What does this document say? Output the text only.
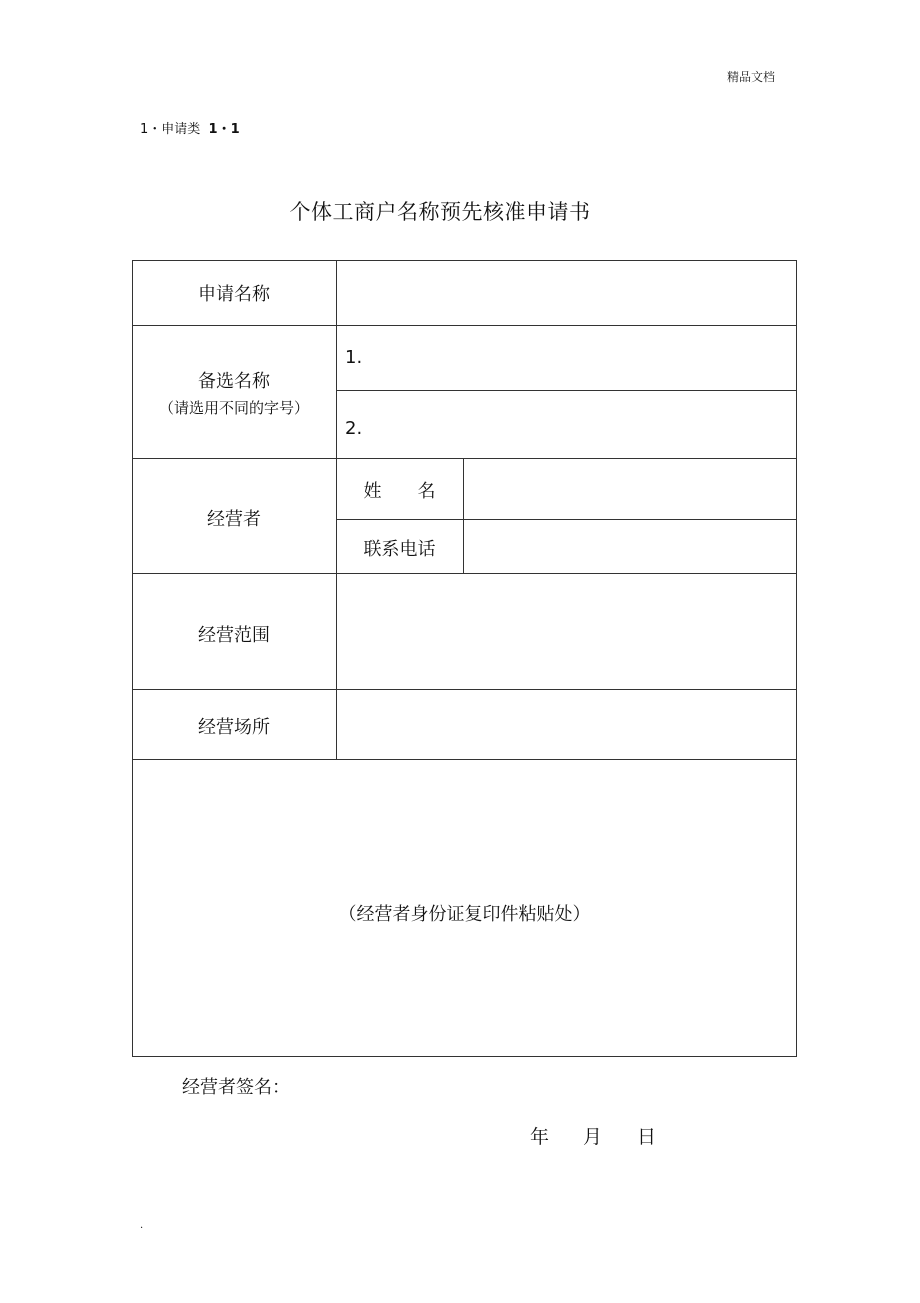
精品文档
1・申请类 1・1
个体工商户名称预先核准申请书
申请名称
备选名称
（请选用不同的字号）
1.
2.
经营者
姓　　名
联系电话
经营范围
经营场所
（经营者身份证复印件粘贴处）
经营者签名：
年 月 日
.
